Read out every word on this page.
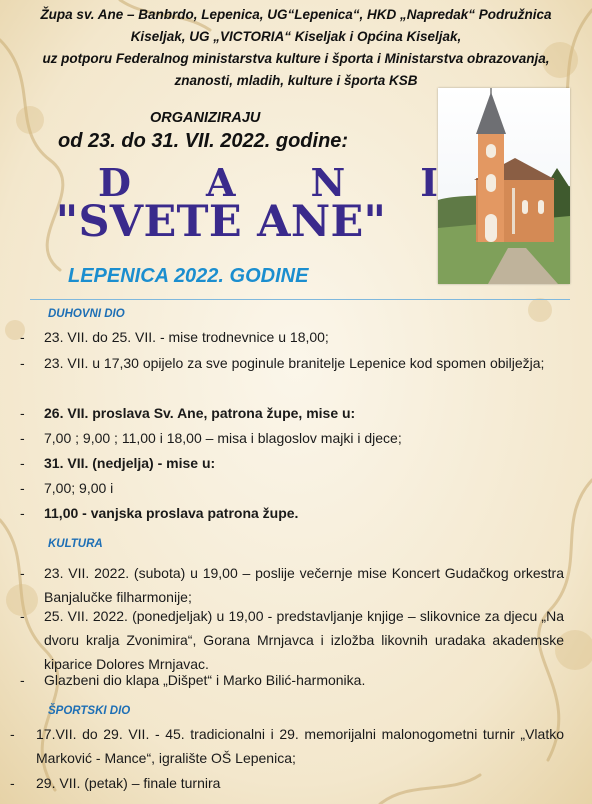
Župa sv. Ane – Banbrdo, Lepenica, UG“Lepenica“, HKD „Napredak“ Podružnica
Kiseljak, UG „VICTORIA“ Kiseljak i Općina Kiseljak,
uz potporu Federalnog ministarstva kulture i športa i Ministarstva obrazovanja,
znanosti, mladih, kulture i športa KSB
ORGANIZIRAJU
od 23. do 31. VII. 2022. godine:
D A N I
"SVETE ANE"
LEPENICA 2022. GODINE
DUHOVNI DIO
- 23. VII. do 25. VII. - mise trodnevnice u 18,00;
- 23. VII. u 17,30 opijelo za sve poginule branitelje Lepenice kod spomen obilježja;
- 26. VII. proslava Sv. Ane, patrona župe, mise u:
- 7,00 ; 9,00 ; 11,00 i 18,00 – misa i blagoslov majki i djece;
- 31. VII. (nedjelja) - mise u:
- 7,00; 9,00 i
- 11,00 - vanjska proslava patrona župe.
KULTURA
- 23. VII. 2022. (subota) u 19,00 – poslije večernje mise Koncert Gudačkog orkestra Banjalučke filharmonije;
- 25. VII. 2022. (ponedjeljak) u 19,00 - predstavljanje knjige – slikovnice za djecu „Na dvoru kralja Zvonimira“, Gorana Mrnjavca i izložba likovnih uradaka akademske kiparice Dolores Mrnjavac.
- Glazbeni dio klapa „Dišpet“ i Marko Bilić-harmonika.
ŠPORTSKI DIO
- 17.VII. do 29. VII. - 45. tradicionalni i 29. memorijalni malonogometni turnir „Vlatko Marković - Mance“, igralište OŠ Lepenica;
- 29. VII. (petak) – finale turnira
